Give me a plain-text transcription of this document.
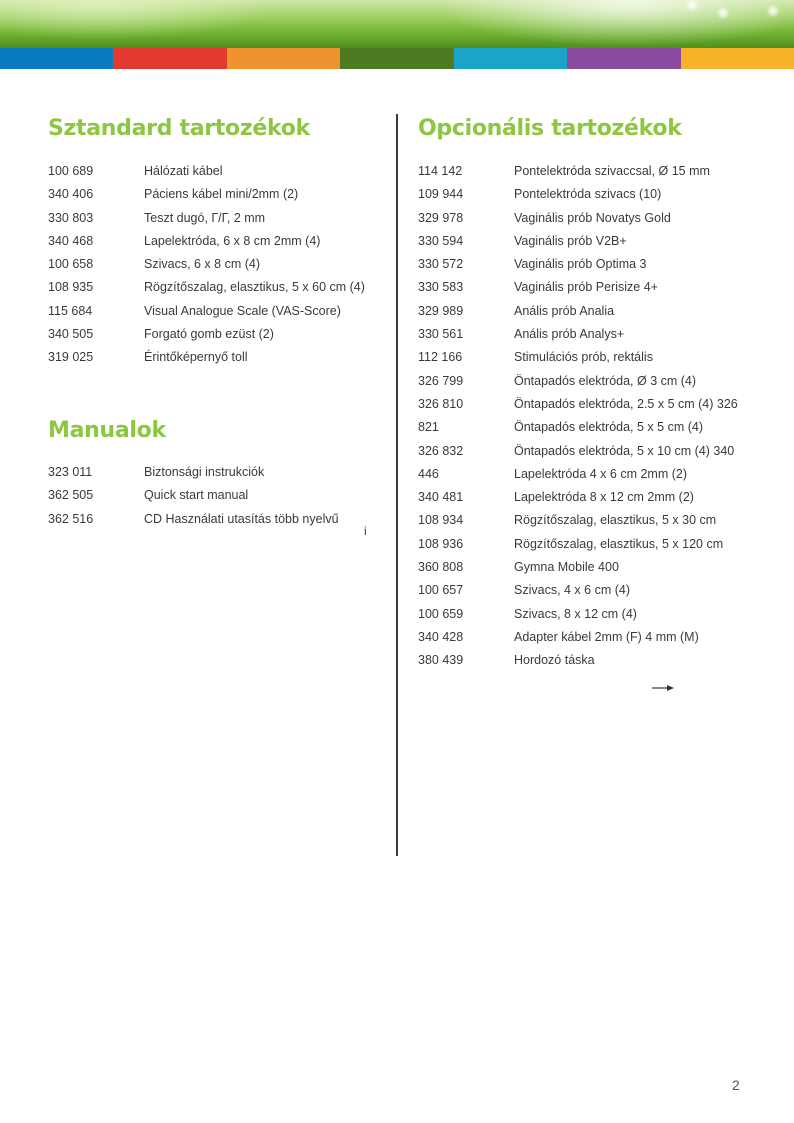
Sztandard tartozékok
100 689	Hálózati kábel
340 406	Páciens kábel mini/2mm (2)
330 803	Teszt dugó, Г/Г, 2 mm
340 468	Lapelektróda, 6 x 8 cm 2mm (4)
100 658	Szivacs, 6 x 8 cm (4)
108 935	Rögzítőszalag, elasztikus, 5 x 60 cm (4)
115 684	Visual Analogue Scale (VAS-Score)
340 505	Forgató gomb ezüst (2)
319 025	Érintőképernyő toll
Manualok
323 011	Biztonsági instrukciók
362 505	Quick start manual
362 516	CD Használati utasítás több nyelvű
i
Opcionális tartozékok
114 142	Pontelektróda szivaccsal, Ø 15 mm
109 944	Pontelektróda szivacs (10)
329 978	Vaginális prób Novatys Gold
330 594	Vaginális prób V2B+
330 572	Vaginális prób Optima 3
330 583	Vaginális prób Perisize 4+
329 989	Anális prób Analia
330 561	Anális prób Analys+
112 166	Stimulációs prób, rektális
326 799	Öntapadós elektróda, Ø 3 cm (4)
326 810	Öntapadós elektróda, 2.5 x 5 cm (4) 326
821	Öntapadós elektróda, 5 x 5 cm (4)
326 832	Öntapadós elektróda, 5 x 10 cm (4) 340
446	Lapelektróda 4 x 6 cm 2mm (2)
340 481	Lapelektróda 8 x 12 cm 2mm (2)
108 934	Rögzítőszalag, elasztikus, 5 x 30 cm
108 936	Rögzítőszalag, elasztikus, 5 x 120 cm
360 808	Gymna Mobile 400
100 657	Szivacs, 4 x 6 cm (4)
100 659	Szivacs, 8 x 12 cm (4)
340 428	Adapter kábel 2mm (F) 4 mm (M)
380 439	Hordozó táska
2
